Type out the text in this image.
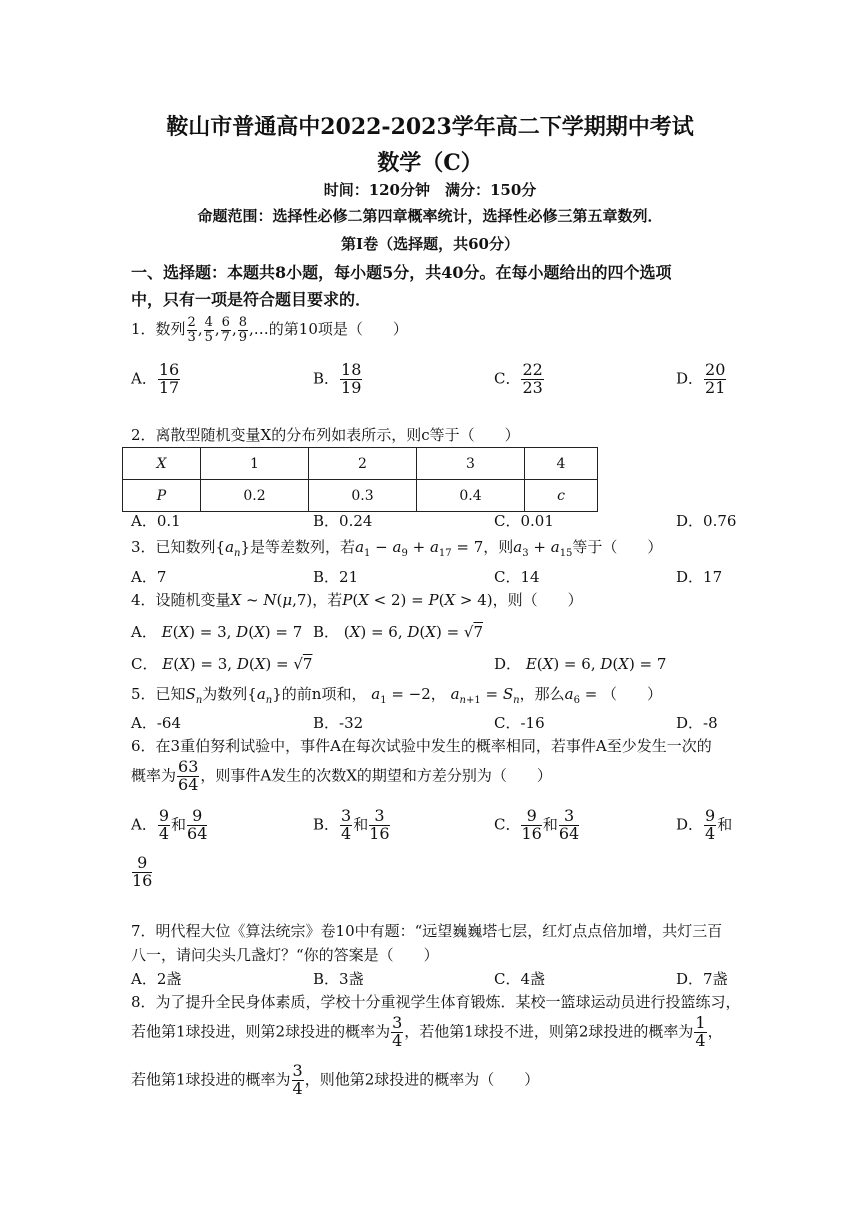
鞍山市普通高中2022-2023学年高二下学期期中考试
数学（C）
时间：120分钟　满分：150分
命题范围：选择性必修二第四章概率统计，选择性必修三第五章数列．
第Ⅰ卷（选择题，共60分）
一、选择题：本题共8小题，每小题5分，共40分。在每小题给出的四个选项
中，只有一项是符合题目要求的．
1．数列 $\frac{2}{3}$ , $\frac{4}{5}$ , $\frac{6}{7}$ , $\frac{8}{9}$ ,…的第10项是（　　）
A． $\frac{16}{17}$	B． $\frac{18}{19}$	C． $\frac{22}{23}$	D． $\frac{20}{21}$
2．离散型随机变量X的分布列如表所示，则c等于（　　）
X	1	2	3	4
P	0.2	0.3	0.4	c
A．0.1	B．0.24	C．0.01	D．0.76
3．已知数列$\{a_n\}$是等差数列，若$a_1 - a_9 + a_{17} = 7$，则$a_3 + a_{15}$等于（　　）
A．7	B．21	C．14	D．17
4．设随机变量X ~ N(μ,7)，若P(X < 2) = P(X > 4)，则（　　）
A． E(X) = 3, D(X) = 7 B． (X) = 6, D(X) = √7
C． E(X) = 3, D(X) = √7	D． E(X) = 6, D(X) = 7
5．已知$S_n$为数列$\{a_n\}$的前n项和， $a_1 = -2$， $a_{n+1} = S_n$，那么$a_6$ = （　　）
A．-64	B．-32	C．-16	D．-8
6．在3重伯努利试验中，事件A在每次试验中发生的概率相同，若事件A至少发生一次的
概率为 $\frac{63}{64}$ ，则事件A发生的次数X的期望和方差分别为（　　）
A． $\frac{9}{4}$ 和 $\frac{9}{64}$	B． $\frac{3}{4}$ 和 $\frac{3}{16}$	C． $\frac{9}{16}$ 和 $\frac{3}{64}$	D． $\frac{9}{4}$ 和
$\frac{9}{16}$
7．明代程大位《算法统宗》卷10中有题：“远望巍巍塔七层，红灯点点倍加增，共灯三百
八一，请问尖头几盏灯？“你的答案是（　　）
A．2盏	B．3盏	C．4盏	D．7盏
8．为了提升全民身体素质，学校十分重视学生体育锻炼．某校一篮球运动员进行投篮练习，
若他第1球投进，则第2球投进的概率为 $\frac{3}{4}$ ，若他第1球投不进，则第2球投进的概率为 $\frac{1}{4}$ ，
若他第1球投进的概率为 $\frac{3}{4}$ ，则他第2球投进的概率为（　　）
